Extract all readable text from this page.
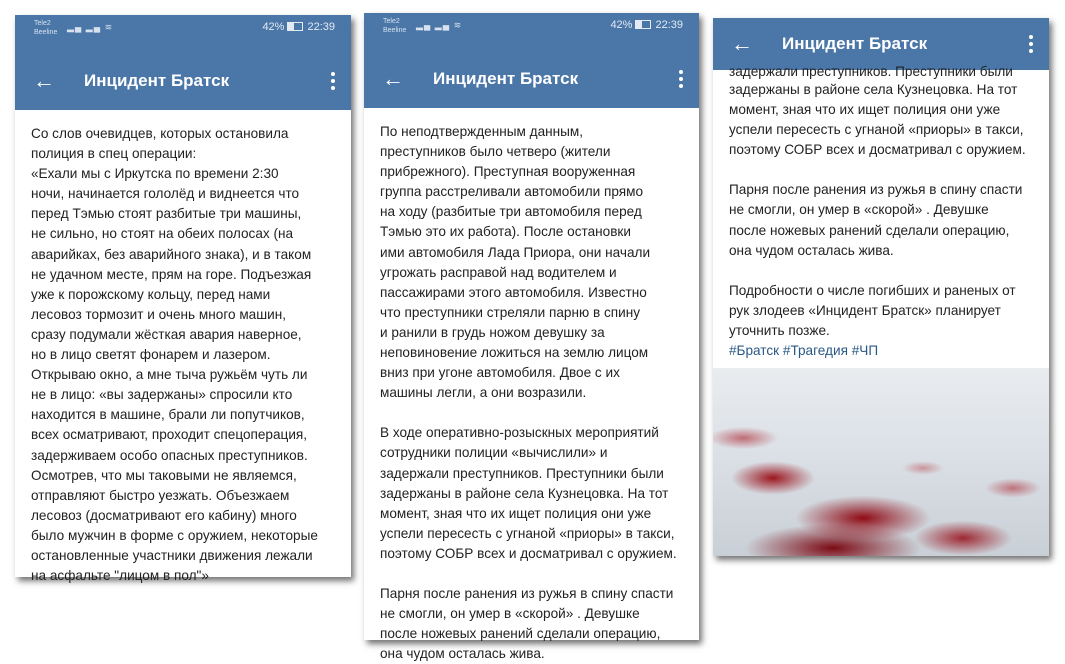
Tele2
Beeline
▂▄ ▂▄ ≋	42% 22:39
← Инцидент Братск
Со слов очевидцев, которых остановила
полиция в спец операции:
«Ехали мы с Иркутска по времени 2:30
ночи, начинается гололёд и виднеется что
перед Тэмью стоят разбитые три машины,
не сильно, но стоят на обеих полосах (на
аварийках, без аварийного знака), и в таком
не удачном месте, прям на горе. Подъезжая
уже к порожскому кольцу, перед нами
лесовоз тормозит и очень много машин,
сразу подумали жёсткая авария наверное,
но в лицо светят фонарем и лазером.
Открываю окно, а мне тыча ружьём чуть ли
не в лицо: «вы задержаны» спросили кто
находится в машине, брали ли попутчиков,
всех осматривают, проходит спецоперация,
задерживаем особо опасных преступников.
Осмотрев, что мы таковыми не являемся,
отправляют быстро уезжать. Объезжаем
лесовоз (досматривают его кабину) много
было мужчин в форме с оружием, некоторые
остановленные участники движения лежали
на асфальте "лицом в пол"»
Tele2
Beeline
▂▄ ▂▄ ≋	42% 22:39
← Инцидент Братск
По неподтвержденным данным,
преступников было четверо (жители
прибрежного). Преступная вооруженная
группа расстреливали автомобили прямо
на ходу (разбитые три автомобиля перед
Тэмью это их работа). После остановки
ими автомобиля Лада Приора, они начали
угрожать расправой над водителем и
пассажирами этого автомобиля. Известно
что преступники стреляли парню в спину
и ранили в грудь ножом девушку за
неповиновение ложиться на землю лицом
вниз при угоне автомобиля. Двое с их
машины легли, а они возразили.
В ходе оперативно-розыскных мероприятий
сотрудники полиции «вычислили» и
задержали преступников. Преступники были
задержаны в районе села Кузнецовка. На тот
момент, зная что их ищет полиция они уже
успели пересесть с угнаной «приоры» в такси,
поэтому СОБР всех и досматривал с оружием.
Парня после ранения из ружья в спину спасти
не смогли, он умер в «скорой» . Девушке
после ножевых ранений сделали операцию,
она чудом осталась жива.
← Инцидент Братск
задержали преступников. Преступники были
задержаны в районе села Кузнецовка. На тот
момент, зная что их ищет полиция они уже
успели пересесть с угнаной «приоры» в такси,
поэтому СОБР всех и досматривал с оружием.
Парня после ранения из ружья в спину спасти
не смогли, он умер в «скорой» . Девушке
после ножевых ранений сделали операцию,
она чудом осталась жива.
Подробности о числе погибших и раненых от
рук злодеев «Инцидент Братск» планирует
уточнить позже.
#Братск #Трагедия #ЧП
